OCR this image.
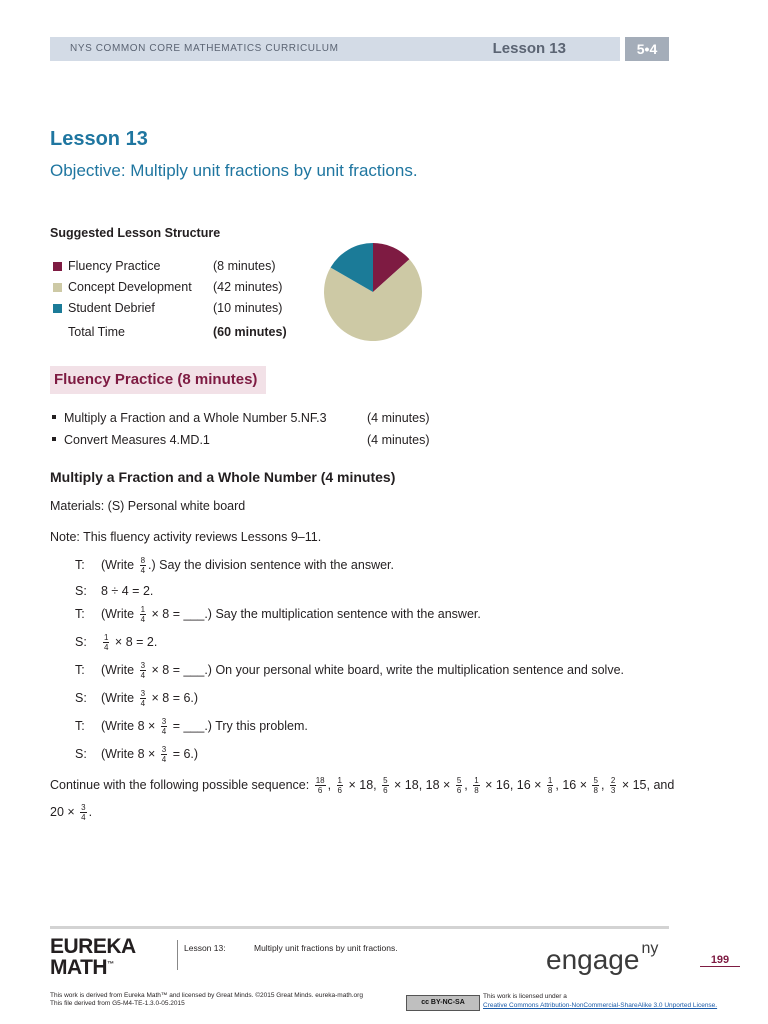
NYS COMMON CORE MATHEMATICS CURRICULUM	Lesson 13	5•4
Lesson 13
Objective: Multiply unit fractions by unit fractions.
Suggested Lesson Structure
Fluency Practice	(8 minutes)
Concept Development (42 minutes)
Student Debrief	(10 minutes)
Total Time	(60 minutes)
Fluency Practice (8 minutes)
Multiply a Fraction and a Whole Number 5.NF.3	(4 minutes)
Convert Measures 4.MD.1	(4 minutes)
Multiply a Fraction and a Whole Number (4 minutes)
Materials: (S) Personal white board
Note: This fluency activity reviews Lessons 9–11.
T: (Write $\frac{8}{4}$ .) Say the division sentence with the answer.
S: 8 ÷ 4 = 2.
T: (Write $\frac{1}{4} \times 8$ = ___.) Say the multiplication sentence with the answer.
S: $\frac{1}{4} \times 8 = 2$.
T: (Write $\frac{3}{4} \times 8$ = ___.) On your personal white board, write the multiplication sentence and solve.
S: (Write $\frac{3}{4} \times 8 = 6$.)
T: (Write $8 \times \frac{3}{4}$ = ___.) Try this problem.
S: (Write $8 \times \frac{3}{4} = 6$.)
Continue with the following possible sequence: $\frac{18}{6}$ , $\frac{1}{6} \times 18$, $\frac{5}{6} \times 18$, $18 \times \frac{5}{6}$ , $\frac{1}{8} \times 16$, $16 \times \frac{1}{8}$ , $16 \times \frac{5}{8}$ , $\frac{2}{3} \times 15$, and
$20 \times \frac{3}{4}$ .
EUREKA
MATH™
Lesson 13:	Multiply unit fractions by unit fractions.	engage $^{ny}$
199
This work is derived from Eureka Math™ and licensed by Great Minds. ©2015 Great Minds. eureka-math.org
This file derived from G5-M4-TE-1.3.0-05.2015	cc BY-NC-SA
This work is licensed under a
Creative Commons Attribution-NonCommercial-ShareAlike 3.0 Unported License.
